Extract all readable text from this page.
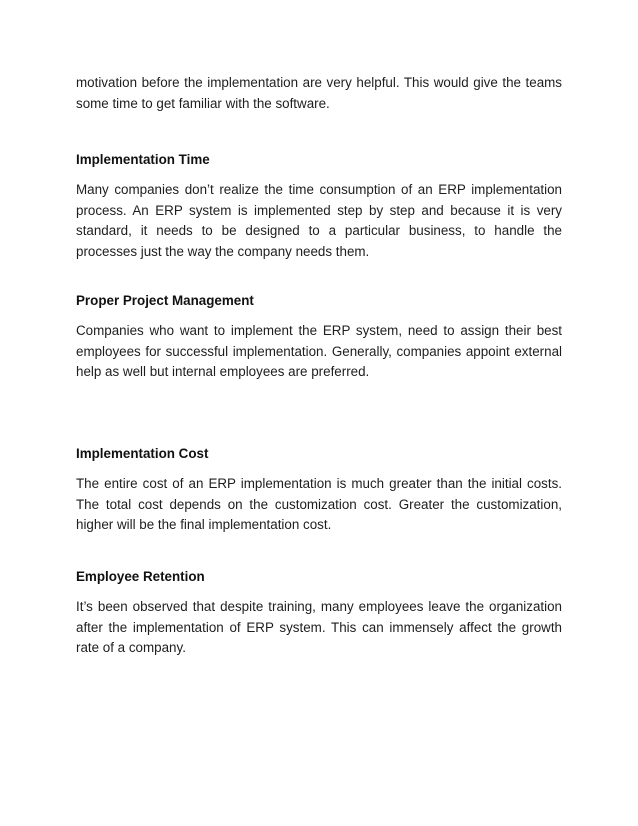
motivation before the implementation are very helpful. This would give the teams some time to get familiar with the software.

Implementation Time

Many companies don’t realize the time consumption of an ERP implementation process. An ERP system is implemented step by step and because it is very standard, it needs to be designed to a particular business, to handle the processes just the way the company needs them.

Proper Project Management

Companies who want to implement the ERP system, need to assign their best employees for successful implementation. Generally, companies appoint external help as well but internal employees are preferred.

Implementation Cost

The entire cost of an ERP implementation is much greater than the initial costs. The total cost depends on the customization cost. Greater the customization, higher will be the final implementation cost.

Employee Retention

It’s been observed that despite training, many employees leave the organization after the implementation of ERP system. This can immensely affect the growth rate of a company.
